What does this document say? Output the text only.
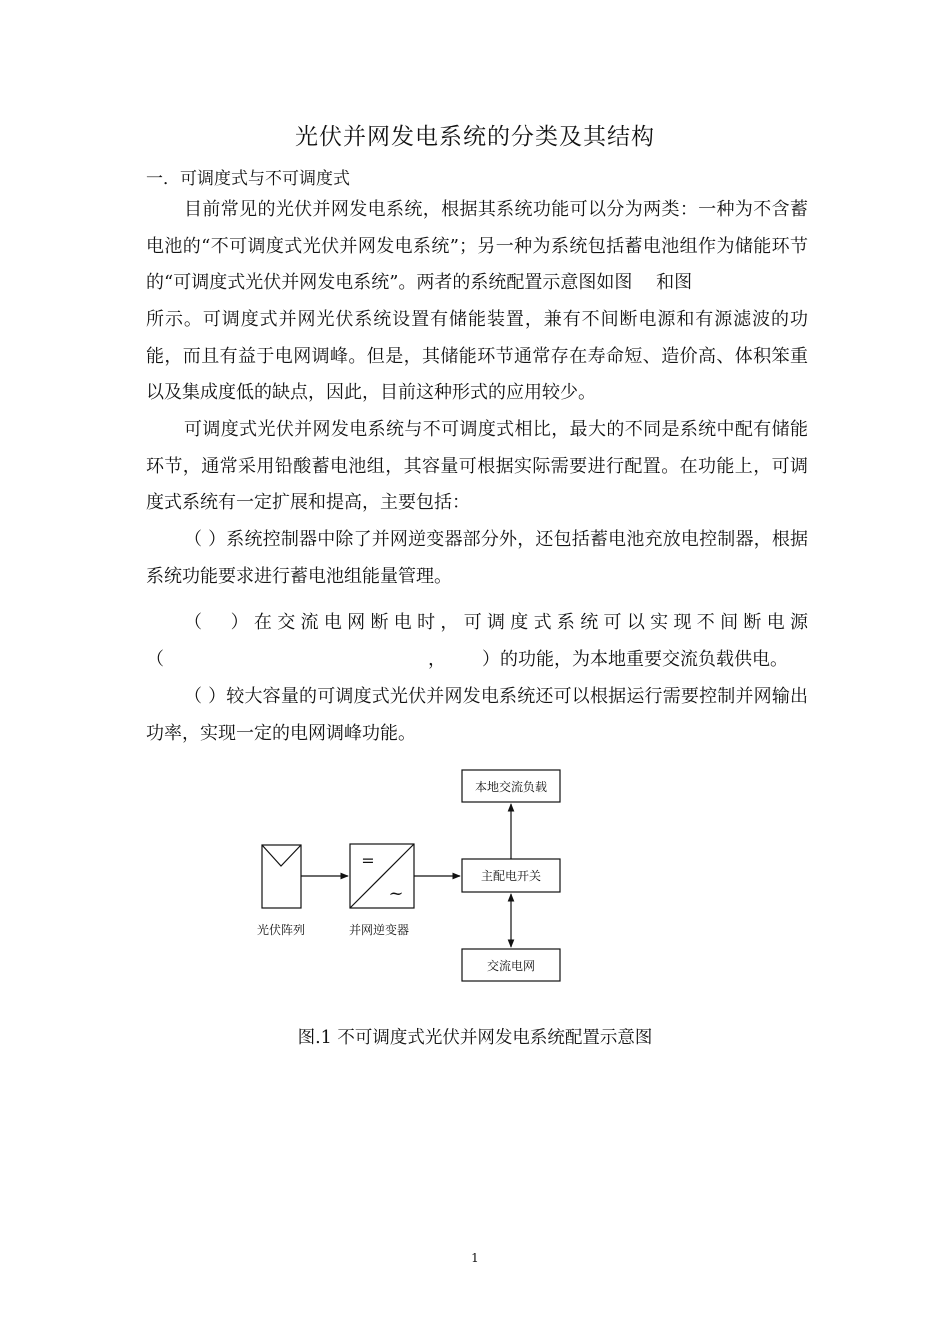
光伏并网发电系统的分类及其结构
一．可调度式与不可调度式

目前常见的光伏并网发电系统，根据其系统功能可以分为两类：一种为不含蓄电池的“不可调度式光伏并网发电系统”；另一种为系统包括蓄电池组作为储能环节的“可调度式光伏并网发电系统”。两者的系统配置示意图如图　 和图

所示。可调度式并网光伏系统设置有储能装置，兼有不间断电源和有源滤波的功能，而且有益于电网调峰。但是，其储能环节通常存在寿命短、造价高、体积笨重以及集成度低的缺点，因此，目前这种形式的应用较少。

可调度式光伏并网发电系统与不可调度式相比，最大的不同是系统中配有储能环节，通常采用铅酸蓄电池组，其容量可根据实际需要进行配置。在功能上，可调度式系统有一定扩展和提高，主要包括：

（ ）系统控制器中除了并网逆变器部分外，还包括蓄电池充放电控制器，根据系统功能要求进行蓄电池组能量管理。

（　）在交流电网断电时，可调度式系统可以实现不间断电源
（	， ）的功能，为本地重要交流负载供电。

（ ）较大容量的可调度式光伏并网发电系统还可以根据运行需要控制并网输出功率，实现一定的电网调峰功能。

光伏阵列
=
~
并网逆变器
本地交流负载
主配电开关
交流电网
图.1 不可调度式光伏并网发电系统配置示意图
1
